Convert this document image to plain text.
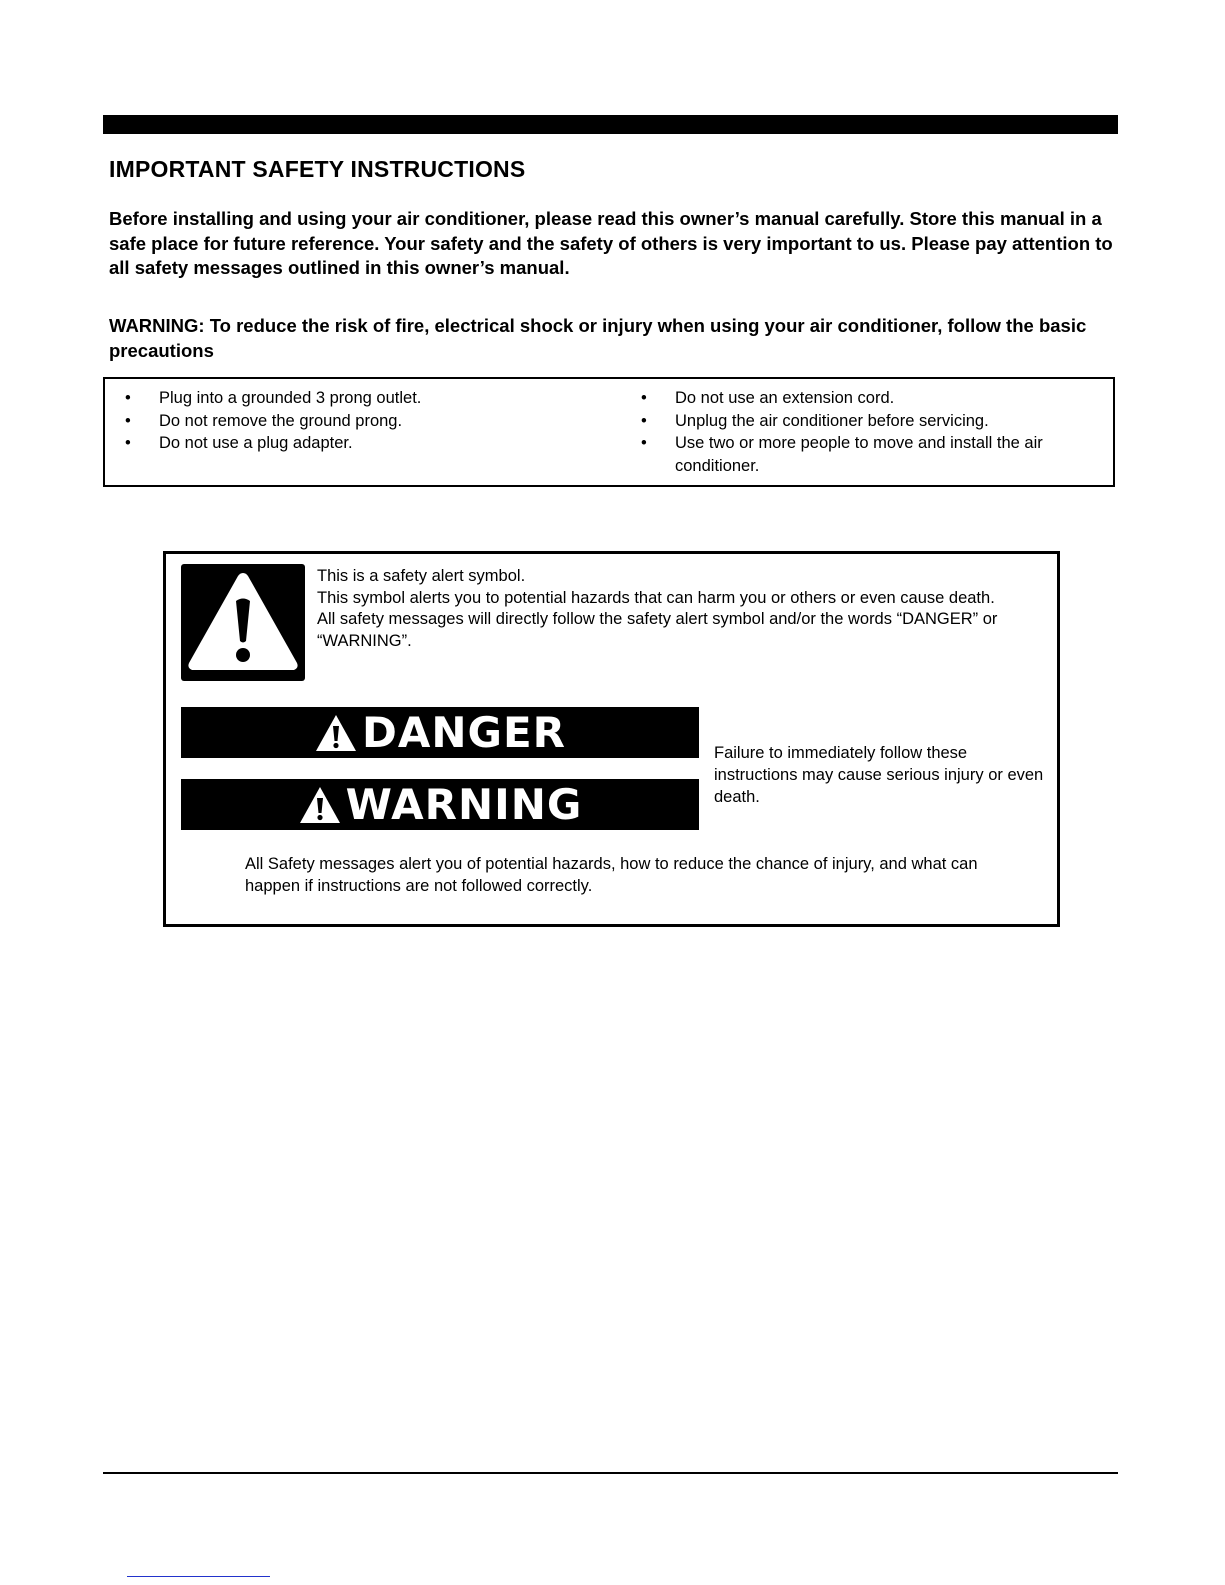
IMPORTANT SAFETY INSTRUCTIONS

Before installing and using your air conditioner, please read this owner’s manual carefully. Store this manual in a safe place for future reference. Your safety and the safety of others is very important to us. Please pay attention to all safety messages outlined in this owner’s manual.

WARNING: To reduce the risk of fire, electrical shock or injury when using your air conditioner, follow the basic precautions

• Plug into a grounded 3 prong outlet.
• Do not remove the ground prong.
• Do not use a plug adapter.
• Do not use an extension cord.
• Unplug the air conditioner before servicing.
• Use two or more people to move and install the air conditioner.

This is a safety alert symbol.

This symbol alerts you to potential hazards that can harm you or others or even cause death.

All safety messages will directly follow the safety alert symbol and/or the words “DANGER” or “WARNING”.

DANGER
WARNING

Failure to immediately follow these instructions may cause serious injury or even death.

All Safety messages alert you of potential hazards, how to reduce the chance of injury, and what can happen if instructions are not followed correctly.
